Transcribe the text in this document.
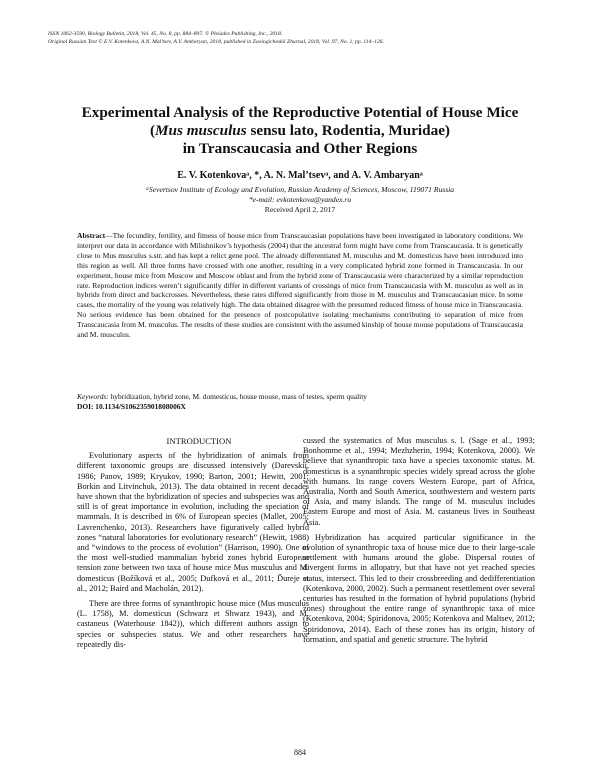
ISSN 1062-3590, Biology Bulletin, 2018, Vol. 45, No. 8, pp. 884–897. © Pleiades Publishing, Inc., 2018.
Original Russian Text © E.V. Kotenkova, A.N. Mal’tsev, A.V. Ambaryan, 2018, published in Zoologicheskii Zhurnal, 2018, Vol. 97, No. 1, pp. 114–126.
Experimental Analysis of the Reproductive Potential of House Mice
(Mus musculus sensu lato, Rodentia, Muridae)
in Transcaucasia and Other Regions
E. V. Kotenkovaᵃ, *, A. N. Mal’tsevᵃ, and A. V. Ambaryanᵃ
ᵃSevertsov Institute of Ecology and Evolution, Russian Academy of Sciences, Moscow, 119071 Russia
*e-mail: evkotenkova@yandex.ru
Received April 2, 2017
Abstract—The fecundity, fertility, and fitness of house mice from Transcaucasian populations have been investigated in laboratory conditions. We interpret our data in accordance with Milishnikov’s hypothesis (2004) that the ancestral form might have come from Transcaucasia. It is genetically close to Mus musculus s.str. and has kept a relict gene pool. The already differentiated M. musculus and M. domesticus have been introduced into this region as well. All three forms have crossed with one another, resulting in a very complicated hybrid zone formed in Transcaucasia. In our experiment, house mice from Moscow and Moscow oblast and from the hybrid zone of Transcaucasia were characterized by a similar reproduction rate. Reproduction indices weren’t significantly differ in different variants of crossings of mice from Transcaucasia with M. musculus as well as in hybrids from direct and backcrosses. Nevertheless, these rates differed significantly from those in M. musculus and Transcaucasian mice. In some cases, the mortality of the young was relatively high. The data obtained disagree with the presumed reduced fitness of house mice in Transcaucasia. No serious evidence has been obtained for the presence of postcopulative isolating mechanisms contributing to separation of mice from Transcaucasia from M. musculus. The results of these studies are consistent with the assumed kinship of house mouse populations of Transcaucasia and M. musculus.
Keywords: hybridization, hybrid zone, M. domesticus, house mouse, mass of testes, sperm quality
DOI: 10.1134/S106235901808006X

INTRODUCTION

Evolutionary aspects of the hybridization of animals from different taxonomic groups are discussed intensively (Darevskii, 1986; Panov, 1989; Kryukov, 1990; Barton, 2001; Hewitt, 2001; Borkin and Litvinchuk, 2013). The data obtained in recent decades have shown that the hybridization of species and subspecies was and still is of great importance in evolution, including the speciation of mammals. It is described in 6% of European species (Mallet, 2005; Lavrenchenko, 2013). Researchers have figuratively called hybrid zones “natural laboratories for evolutionary research” (Hewitt, 1988) and “windows to the process of evolution” (Harrison, 1990). One of the most well-studied mammalian hybrid zones hybrid European tension zone between two taxa of house mice Mus musculus and M. domesticus (Božíková et al., 2005; Dufková et al., 2011; Ďureje et al., 2012; Baird and Macholán, 2012).

There are three forms of synanthropic house mice (Mus musculus (L. 1758), M. domesticus (Schwarz et Shwarz 1943), and M. castaneus (Waterhouse 1842)), which different authors assign to species or subspecies status. We and other researchers have repeatedly dis-

cussed the systematics of Mus musculus s. l. (Sage et al., 1993; Bonhomme et al., 1994; Mezhzherin, 1994; Kotenkova, 2000). We believe that synanthropic taxa have a species taxonomic status. M. domesticus is a synanthropic species widely spread across the globe with humans. Its range covers Western Europe, part of Africa, Australia, North and South America, southwestern and western parts of Asia, and many islands. The range of M. musculus includes Eastern Europe and most of Asia. M. castaneus lives in Southeast Asia.

Hybridization has acquired particular significance in the evolution of synanthropic taxa of house mice due to their large-scale settlement with humans around the globe. Dispersal routes of divergent forms in allopatry, but that have not yet reached species status, intersect. This led to their crossbreeding and dedifferentiation (Kotenkova, 2000, 2002). Such a permanent resettlement over several centuries has resulted in the formation of hybrid populations (hybrid zones) throughout the entire range of synanthropic taxa of mice (Kotenkova, 2004; Spiridonova, 2005; Kotenkova and Maltsev, 2012; Spiridonova, 2014). Each of these zones has its origin, history of formation, and spatial and genetic structure. The hybrid

884
